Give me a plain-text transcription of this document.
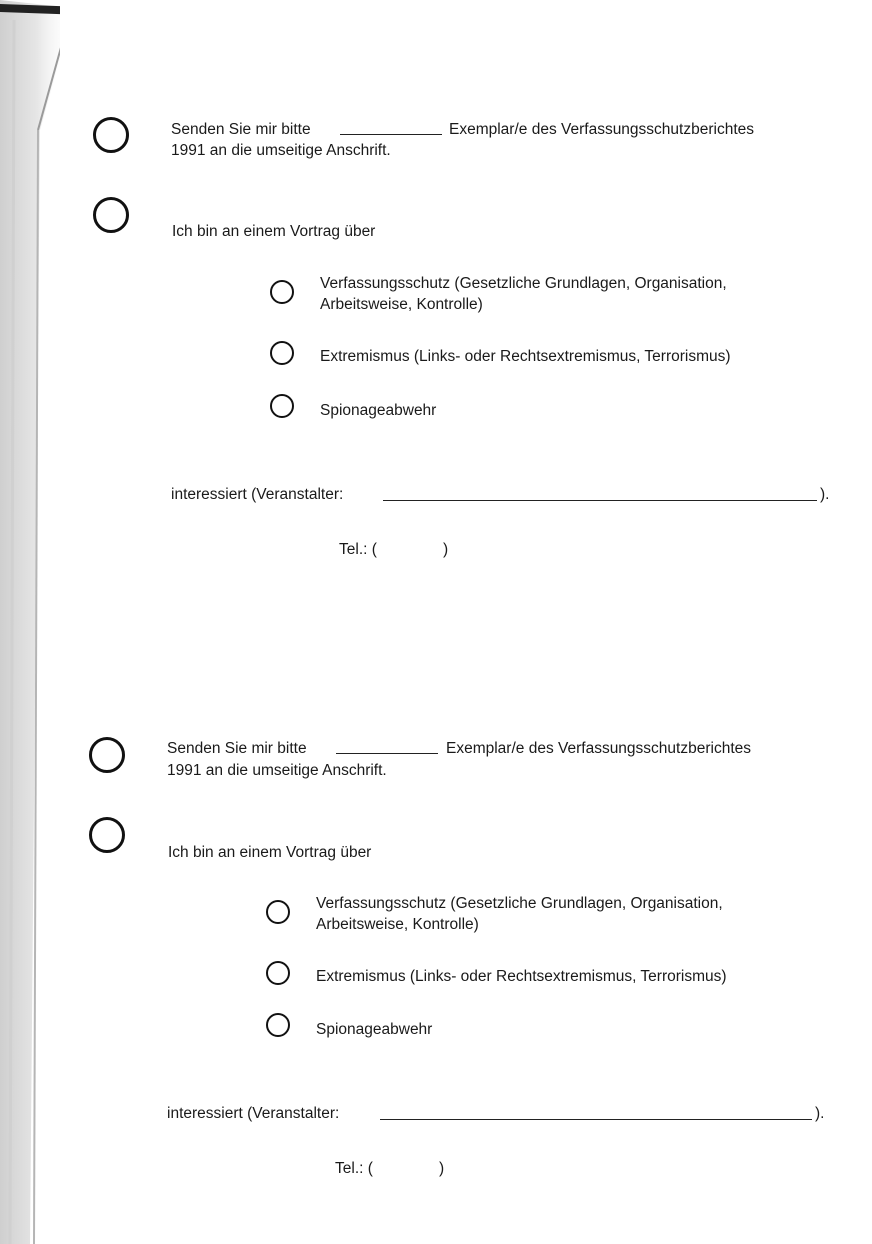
Senden Sie mir bitte	Exemplar/e des Verfassungsschutzberichtes
1991 an die umseitige Anschrift.
Ich bin an einem Vortrag über
Verfassungsschutz (Gesetzliche Grundlagen, Organisation,
Arbeitsweise, Kontrolle)
Extremismus (Links- oder Rechtsextremismus, Terrorismus)
Spionageabwehr
interessiert (Veranstalter:	).
Tel.: (	)
Senden Sie mir bitte	Exemplar/e des Verfassungsschutzberichtes
1991 an die umseitige Anschrift.
Ich bin an einem Vortrag über
Verfassungsschutz (Gesetzliche Grundlagen, Organisation,
Arbeitsweise, Kontrolle)
Extremismus (Links- oder Rechtsextremismus, Terrorismus)
Spionageabwehr
interessiert (Veranstalter:	).
Tel.: (	)
